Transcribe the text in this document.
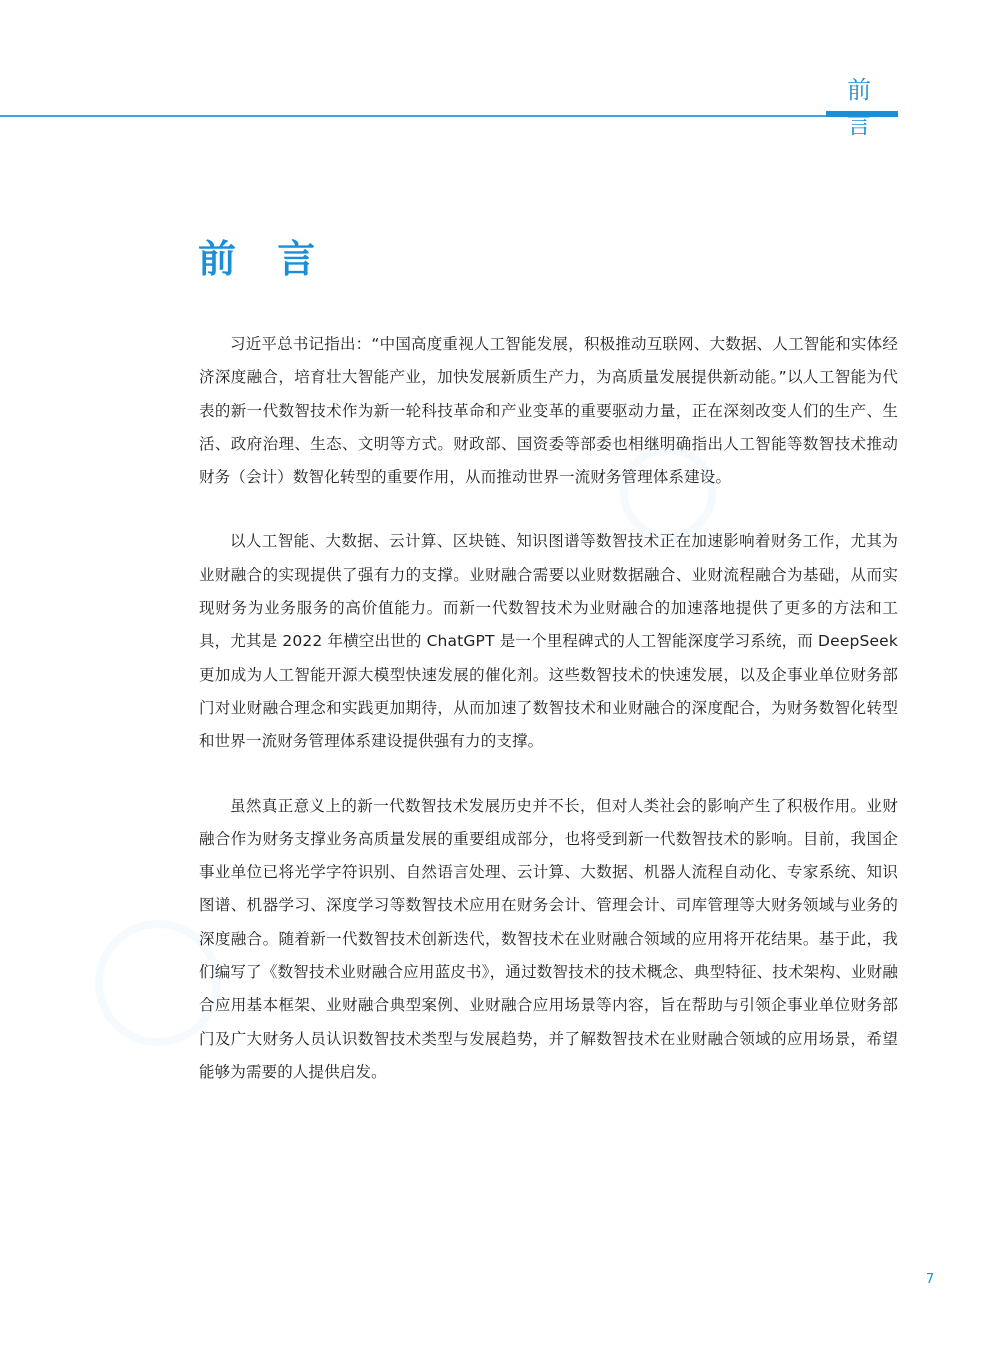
前 言
前 言

习近平总书记指出：“中国高度重视人工智能发展，积极推动互联网、大数据、人工智能和实体经济深度融合，培育壮大智能产业，加快发展新质生产力，为高质量发展提供新动能。”以人工智能为代表的新一代数智技术作为新一轮科技革命和产业变革的重要驱动力量，正在深刻改变人们的生产、生活、政府治理、生态、文明等方式。财政部、国资委等部委也相继明确指出人工智能等数智技术推动财务（会计）数智化转型的重要作用，从而推动世界一流财务管理体系建设。

以人工智能、大数据、云计算、区块链、知识图谱等数智技术正在加速影响着财务工作，尤其为业财融合的实现提供了强有力的支撑。业财融合需要以业财数据融合、业财流程融合为基础，从而实现财务为业务服务的高价值能力。而新一代数智技术为业财融合的加速落地提供了更多的方法和工具，尤其是 2022 年横空出世的 ChatGPT 是一个里程碑式的人工智能深度学习系统，而 DeepSeek 更加成为人工智能开源大模型快速发展的催化剂。这些数智技术的快速发展，以及企事业单位财务部门对业财融合理念和实践更加期待，从而加速了数智技术和业财融合的深度配合，为财务数智化转型和世界一流财务管理体系建设提供强有力的支撑。

虽然真正意义上的新一代数智技术发展历史并不长，但对人类社会的影响产生了积极作用。业财融合作为财务支撑业务高质量发展的重要组成部分，也将受到新一代数智技术的影响。目前，我国企事业单位已将光学字符识别、自然语言处理、云计算、大数据、机器人流程自动化、专家系统、知识图谱、机器学习、深度学习等数智技术应用在财务会计、管理会计、司库管理等大财务领域与业务的深度融合。随着新一代数智技术创新迭代，数智技术在业财融合领域的应用将开花结果。基于此，我们编写了《数智技术业财融合应用蓝皮书》，通过数智技术的技术概念、典型特征、技术架构、业财融合应用基本框架、业财融合典型案例、业财融合应用场景等内容，旨在帮助与引领企事业单位财务部门及广大财务人员认识数智技术类型与发展趋势，并了解数智技术在业财融合领域的应用场景，希望能够为需要的人提供启发。

7
